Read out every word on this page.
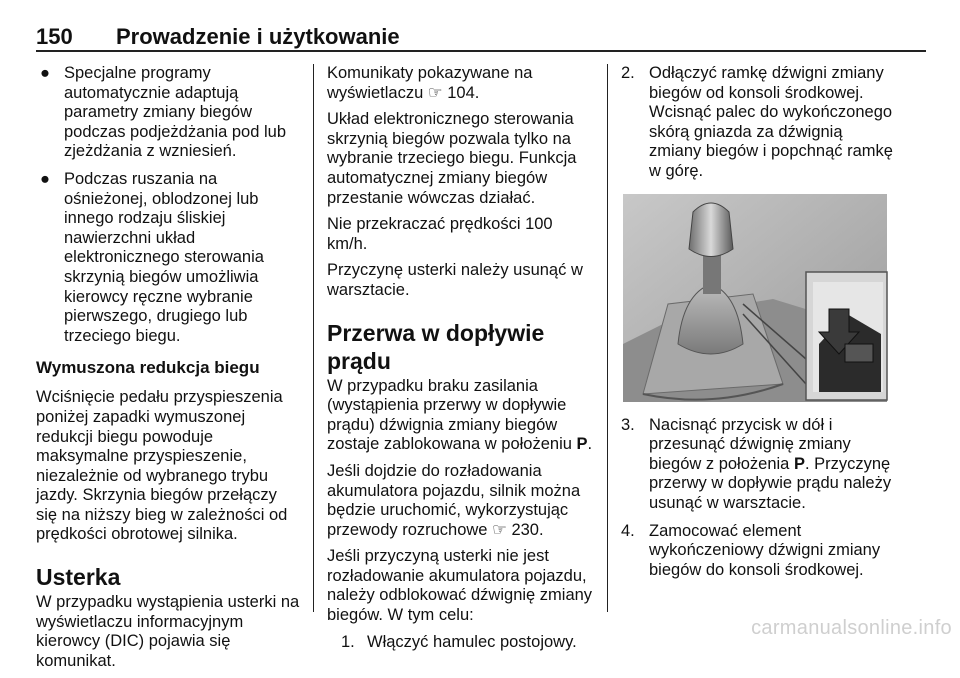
150 Prowadzenie i użytkowanie
● Specjalne programy automatycznie adaptują parametry zmiany biegów podczas podjeżdżania pod lub zjeżdżania z wzniesień.
● Podczas ruszania na ośnieżonej, oblodzonej lub innego rodzaju śliskiej nawierzchni układ elektronicznego sterowania skrzynią biegów umożliwia kierowcy ręczne wybranie pierwszego, drugiego lub trzeciego biegu.
Wymuszona redukcja biegu

Wciśnięcie pedału przyspieszenia poniżej zapadki wymuszonej redukcji biegu powoduje maksymalne przyspieszenie, niezależnie od wybranego trybu jazdy. Skrzynia biegów przełączy się na niższy bieg w zależności od prędkości obrotowej silnika.

Usterka

W przypadku wystąpienia usterki na wyświetlaczu informacyjnym kierowcy (DIC) pojawia się komunikat.

Komunikaty pokazywane na wyświetlaczu ☞ 104.

Układ elektronicznego sterowania skrzynią biegów pozwala tylko na wybranie trzeciego biegu. Funkcja automatycznej zmiany biegów przestanie wówczas działać.

Nie przekraczać prędkości 100 km/h.

Przyczynę usterki należy usunąć w warsztacie.

Przerwa w dopływie prądu

W przypadku braku zasilania (wystąpienia przerwy w dopływie prądu) dźwignia zmiany biegów zostaje zablokowana w położeniu P.

Jeśli dojdzie do rozładowania akumulatora pojazdu, silnik można będzie uruchomić, wykorzystując przewody rozruchowe ☞ 230.

Jeśli przyczyną usterki nie jest rozładowanie akumulatora pojazdu, należy odblokować dźwignię zmiany biegów. W tym celu:

1. Włączyć hamulec postojowy.
2. Odłączyć ramkę dźwigni zmiany biegów od konsoli środkowej. Wcisnąć palec do wykończonego skórą gniazda za dźwignią zmiany biegów i popchnąć ramkę w górę.
3. Nacisnąć przycisk w dół i przesunąć dźwignię zmiany biegów z położenia P. Przyczynę przerwy w dopływie prądu należy usunąć w warsztacie.
4. Zamocować element wykończeniowy dźwigni zmiany biegów do konsoli środkowej.
carmanualsonline.info
